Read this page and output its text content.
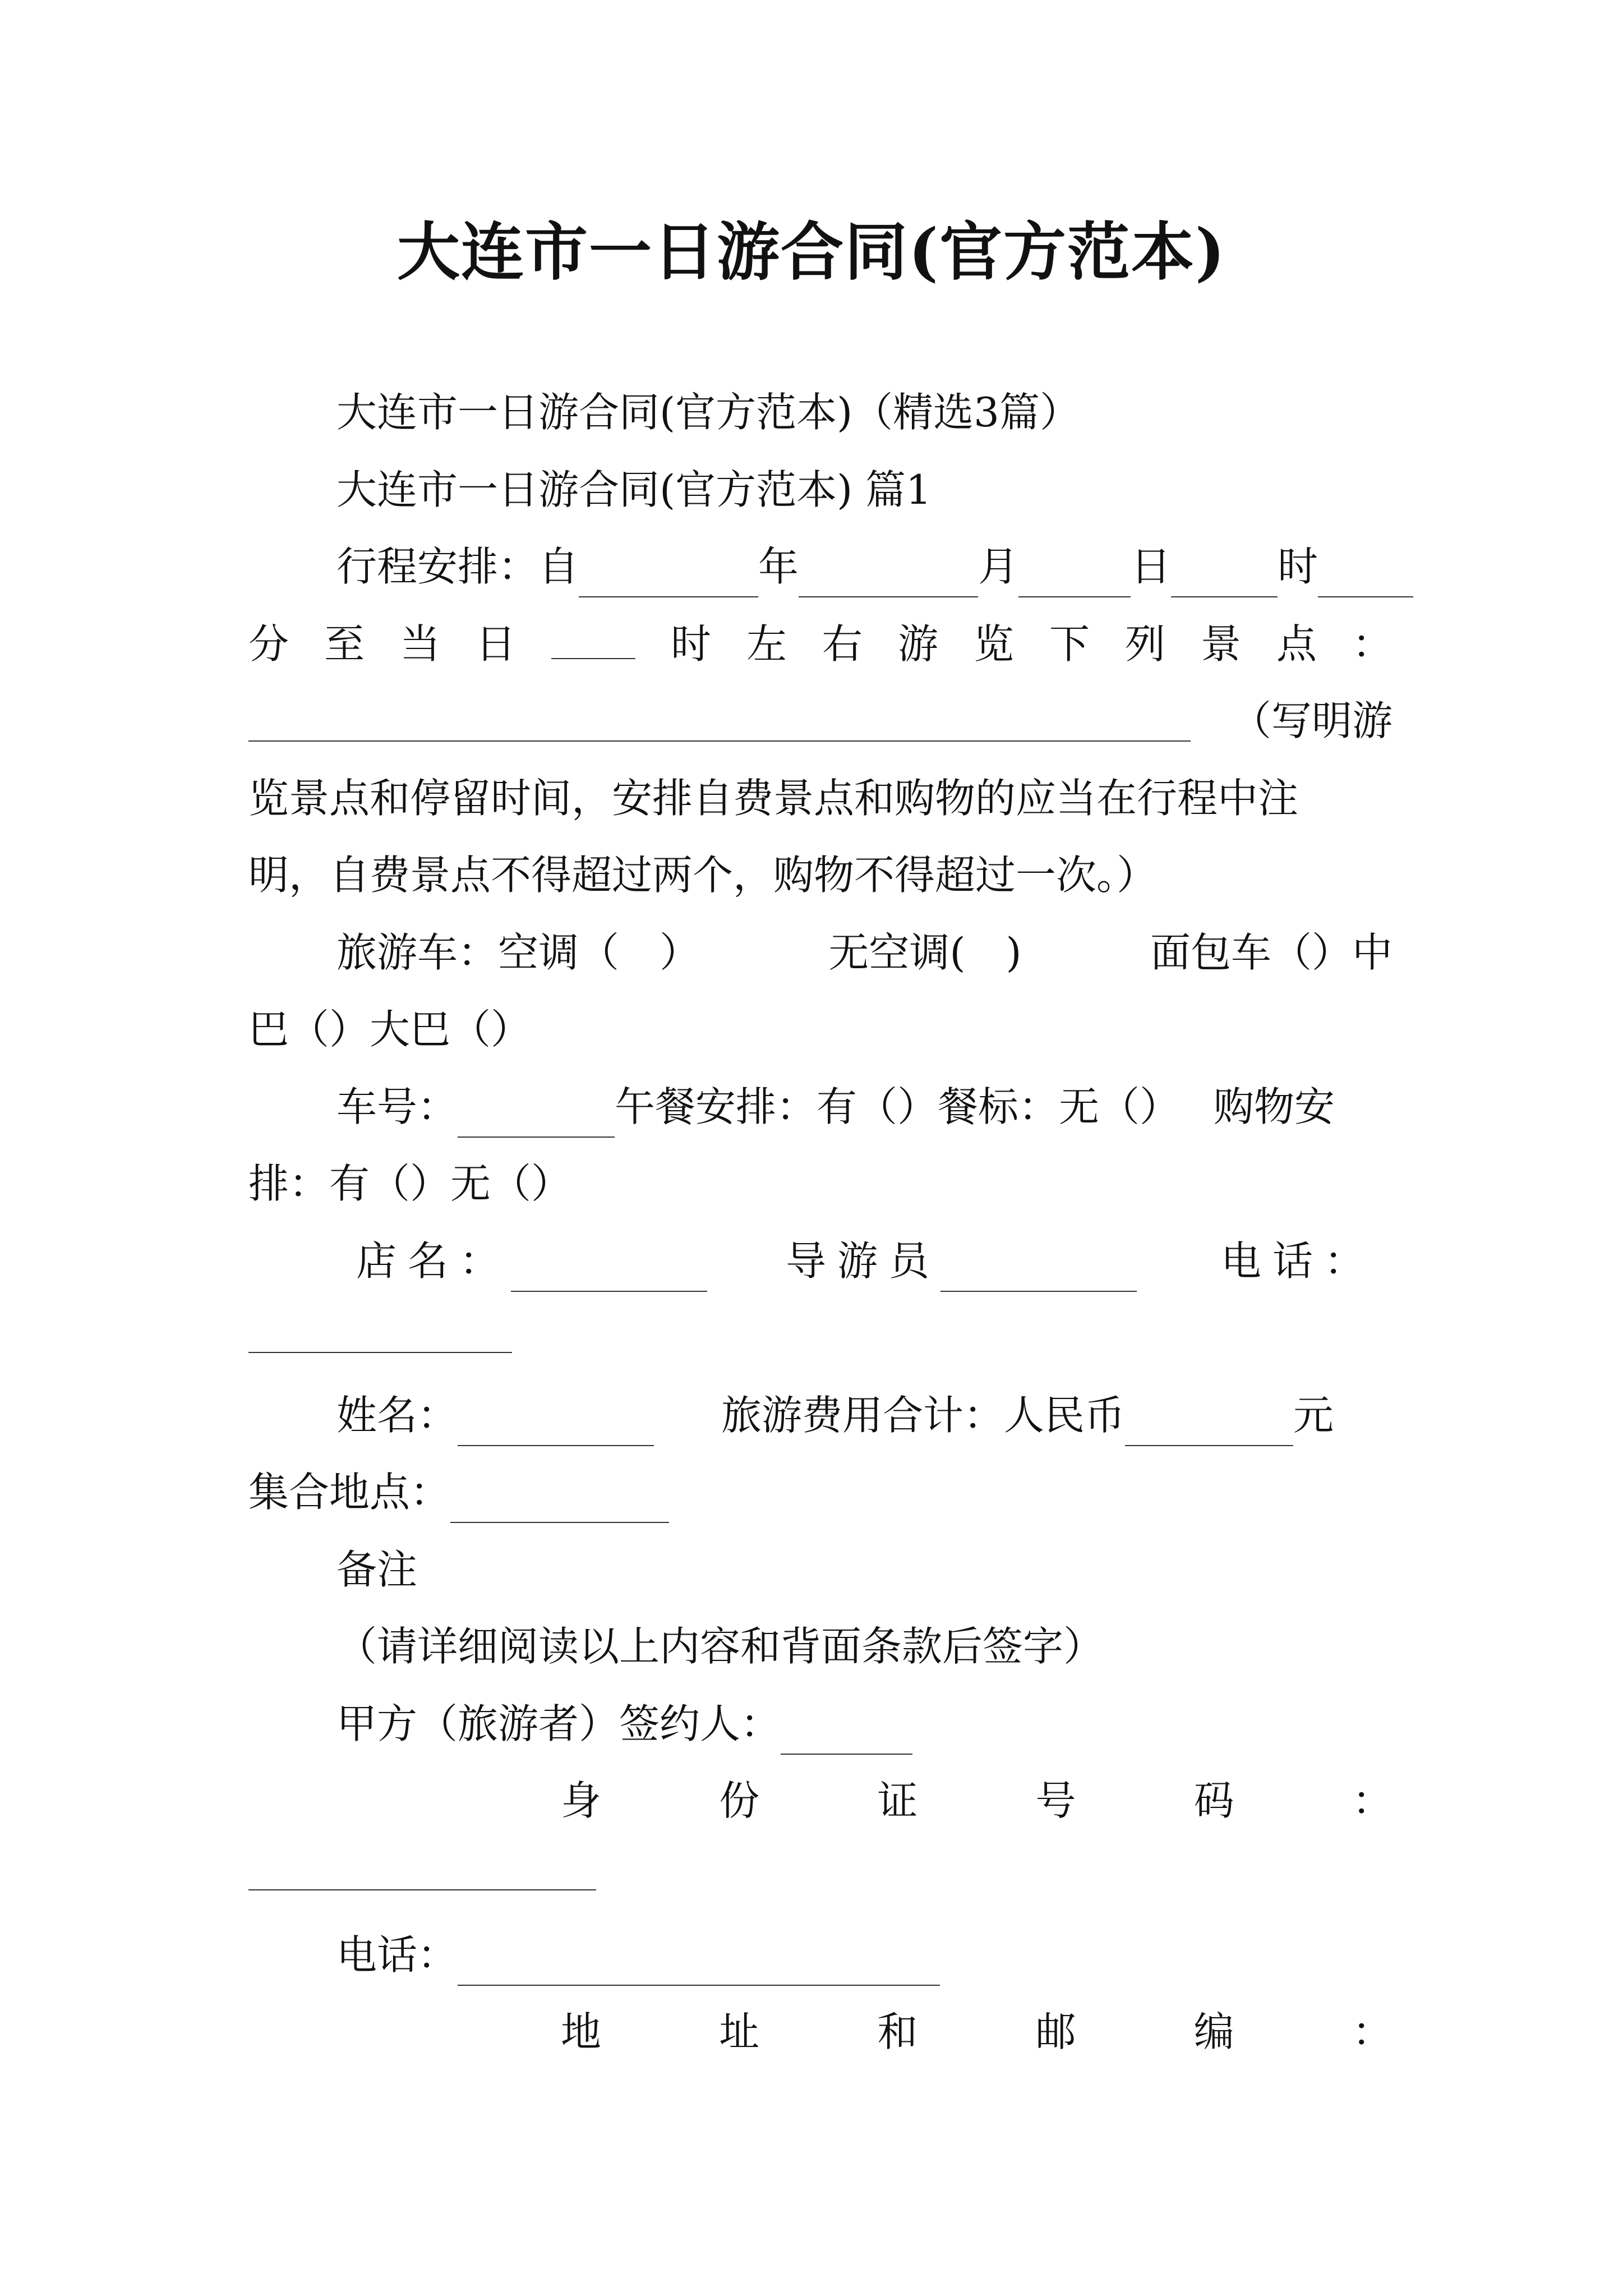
大连市一日游合同(官方范本)
大连市一日游合同(官方范本)（精选3篇）
大连市一日游合同(官方范本) 篇1
行程安排：自	年	月	日	时
分 至 当 日	时 左 右 游 览 下 列 景 点 ：
（写明游
览景点和停留时间，安排自费景点和购物的应当在行程中注
明，自费景点不得超过两个，购物不得超过一次。）
旅游车：空调（　）	无空调(　)	面包车（）中
巴（）大巴（）
车号：	午餐安排：有（）餐标：无（） 购物安
排：有（）无（）
店名：	导游员	电话：
姓名：	旅游费用合计：人民币	元
集合地点：
备注
（请详细阅读以上内容和背面条款后签字）
甲方（旅游者）签约人：
身	份	证	号	码	：
电话：
地	址	和	邮	编	：
